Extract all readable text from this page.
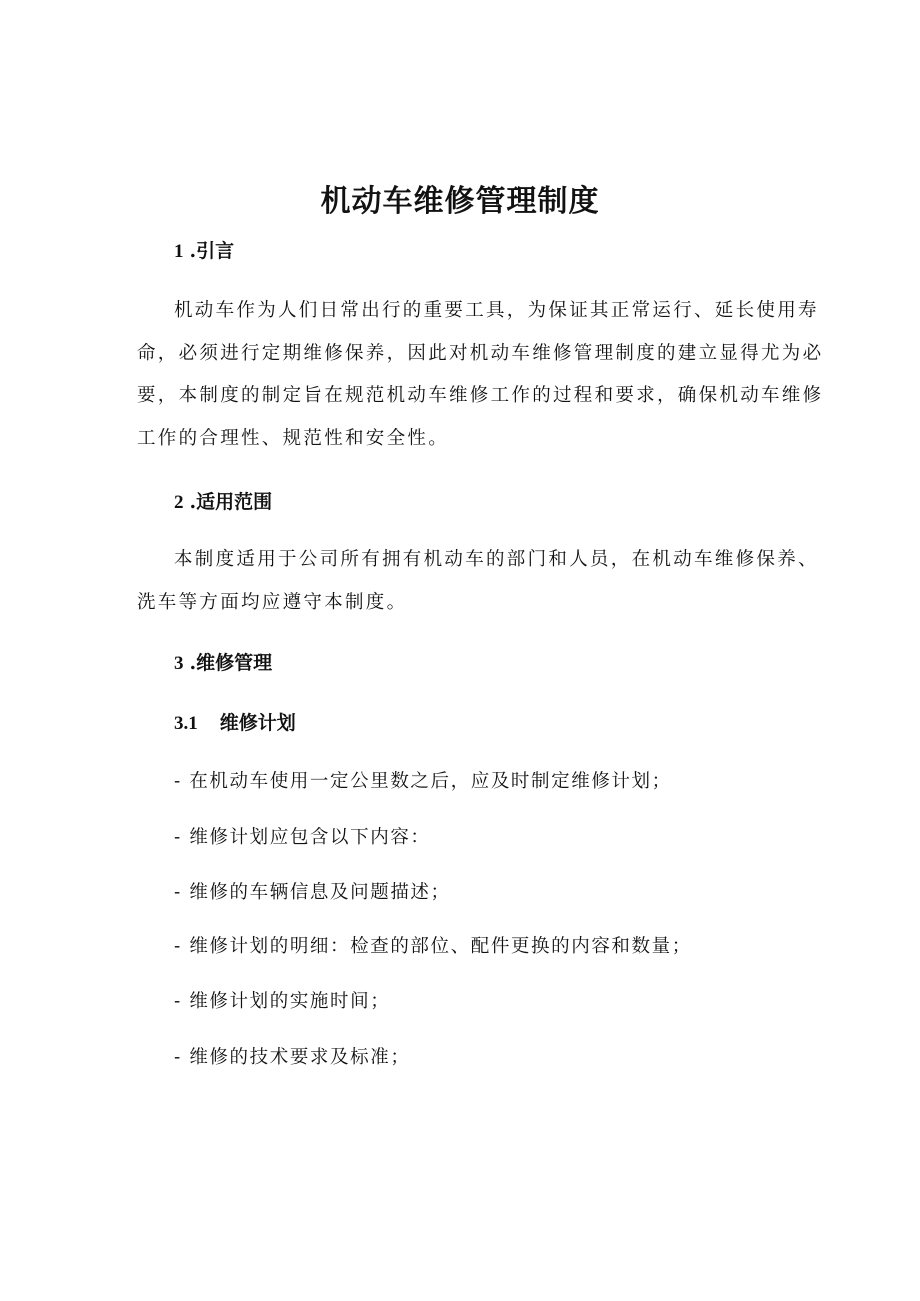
机动车维修管理制度
1 .引言
机动车作为人们日常出行的重要工具，为保证其正常运行、延长使用寿
命，必须进行定期维修保养，因此对机动车维修管理制度的建立显得尤为必
要，本制度的制定旨在规范机动车维修工作的过程和要求，确保机动车维修
工作的合理性、规范性和安全性。
2 .适用范围
本制度适用于公司所有拥有机动车的部门和人员，在机动车维修保养、
洗车等方面均应遵守本制度。
3 .维修管理
3.1 维修计划

- 在机动车使用一定公里数之后，应及时制定维修计划；

- 维修计划应包含以下内容：

- 维修的车辆信息及问题描述；

- 维修计划的明细：检查的部位、配件更换的内容和数量；

- 维修计划的实施时间；

- 维修的技术要求及标准；
